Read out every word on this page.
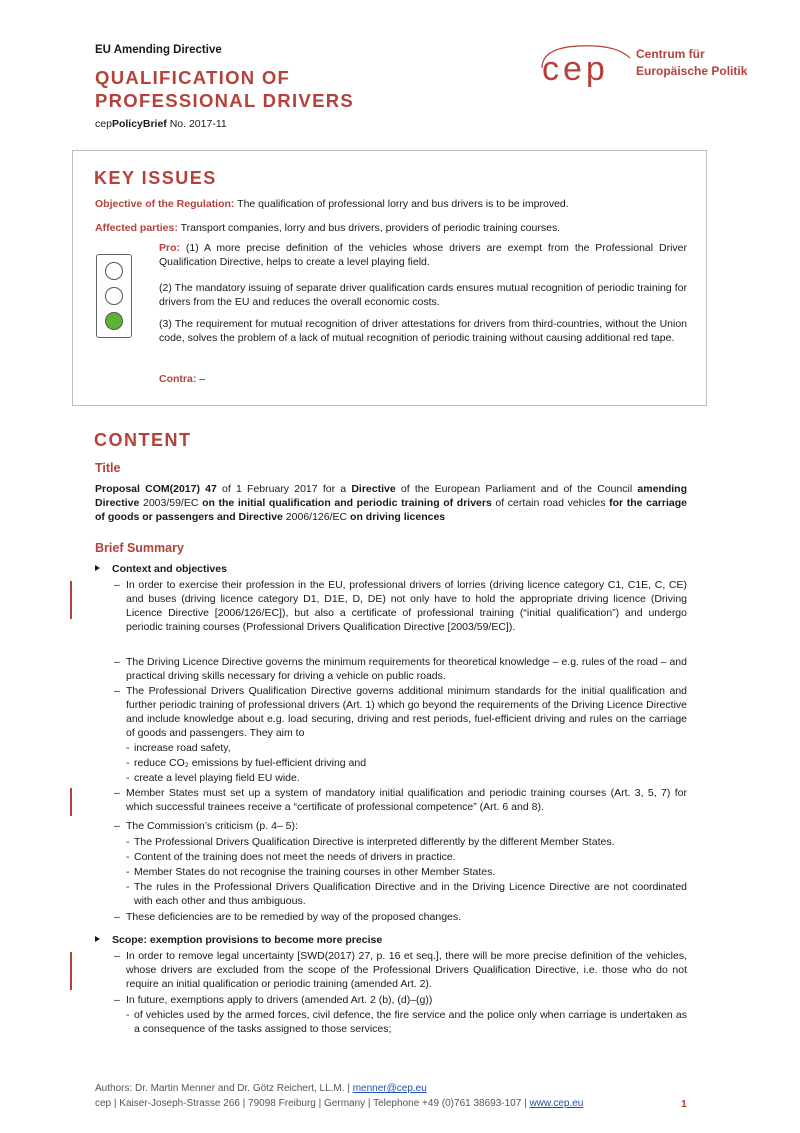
EU Amending Directive
QUALIFICATION OF
PROFESSIONAL DRIVERS
cepPolicyBrief No. 2017-11
cep Centrum für
Europäische Politik
KEY ISSUES
Objective of the Regulation: The qualification of professional lorry and bus drivers is to be improved.
Affected parties: Transport companies, lorry and bus drivers, providers of periodic training courses.
Pro: (1) A more precise definition of the vehicles whose drivers are exempt from the Professional Driver Qualification Directive, helps to create a level playing field.
(2) The mandatory issuing of separate driver qualification cards ensures mutual recognition of periodic training for drivers from the EU and reduces the overall economic costs.
(3) The requirement for mutual recognition of driver attestations for drivers from third-countries, without the Union code, solves the problem of a lack of mutual recognition of periodic training without causing additional red tape.
Contra: –
CONTENT
Title
Proposal COM(2017) 47 of 1 February 2017 for a Directive of the European Parliament and of the Council amending Directive 2003/59/EC on the initial qualification and periodic training of drivers of certain road vehicles for the carriage of goods or passengers and Directive 2006/126/EC on driving licences
Brief Summary
Context and objectives
– In order to exercise their profession in the EU, professional drivers of lorries (driving licence category C1, C1E, C, CE) and buses (driving licence category D1, D1E, D, DE) not only have to hold the appropriate driving licence (Driving Licence Directive [2006/126/EC]), but also a certificate of professional training (“initial qualification”) and undergo periodic training courses (Professional Drivers Qualification Directive [2003/59/EC]).
– The Driving Licence Directive governs the minimum requirements for theoretical knowledge – e.g. rules of the road – and practical driving skills necessary for driving a vehicle on public roads.
– The Professional Drivers Qualification Directive governs additional minimum standards for the initial qualification and further periodic training of professional drivers (Art. 1) which go beyond the requirements of the Driving Licence Directive and include knowledge about e.g. load securing, driving and rest periods, fuel-efficient driving and rules on the carriage of goods and passengers. They aim to
- increase road safety,
- reduce CO₂ emissions by fuel-efficient driving and
- create a level playing field EU wide.
– Member States must set up a system of mandatory initial qualification and periodic training courses (Art. 3, 5, 7) for which successful trainees receive a “certificate of professional competence” (Art. 6 and 8).
– The Commission’s criticism (p. 4– 5):
- The Professional Drivers Qualification Directive is interpreted differently by the different Member States.
- Content of the training does not meet the needs of drivers in practice.
- Member States do not recognise the training courses in other Member States.
- The rules in the Professional Drivers Qualification Directive and in the Driving Licence Directive are not coordinated with each other and thus ambiguous.
– These deficiencies are to be remedied by way of the proposed changes.
Scope: exemption provisions to become more precise
– In order to remove legal uncertainty [SWD(2017) 27, p. 16 et seq.], there will be more precise definition of the vehicles, whose drivers are excluded from the scope of the Professional Drivers Qualification Directive, i.e. those who do not require an initial qualification or periodic training (amended Art. 2).
– In future, exemptions apply to drivers (amended Art. 2 (b), (d)–(g))
- of vehicles used by the armed forces, civil defence, the fire service and the police only when carriage is undertaken as a consequence of the tasks assigned to those services;
Authors: Dr. Martin Menner and Dr. Götz Reichert, LL.M. | menner@cep.eu
cep | Kaiser-Joseph-Strasse 266 | 79098 Freiburg | Germany | Telephone +49 (0)761 38693-107 | www.cep.eu	1
